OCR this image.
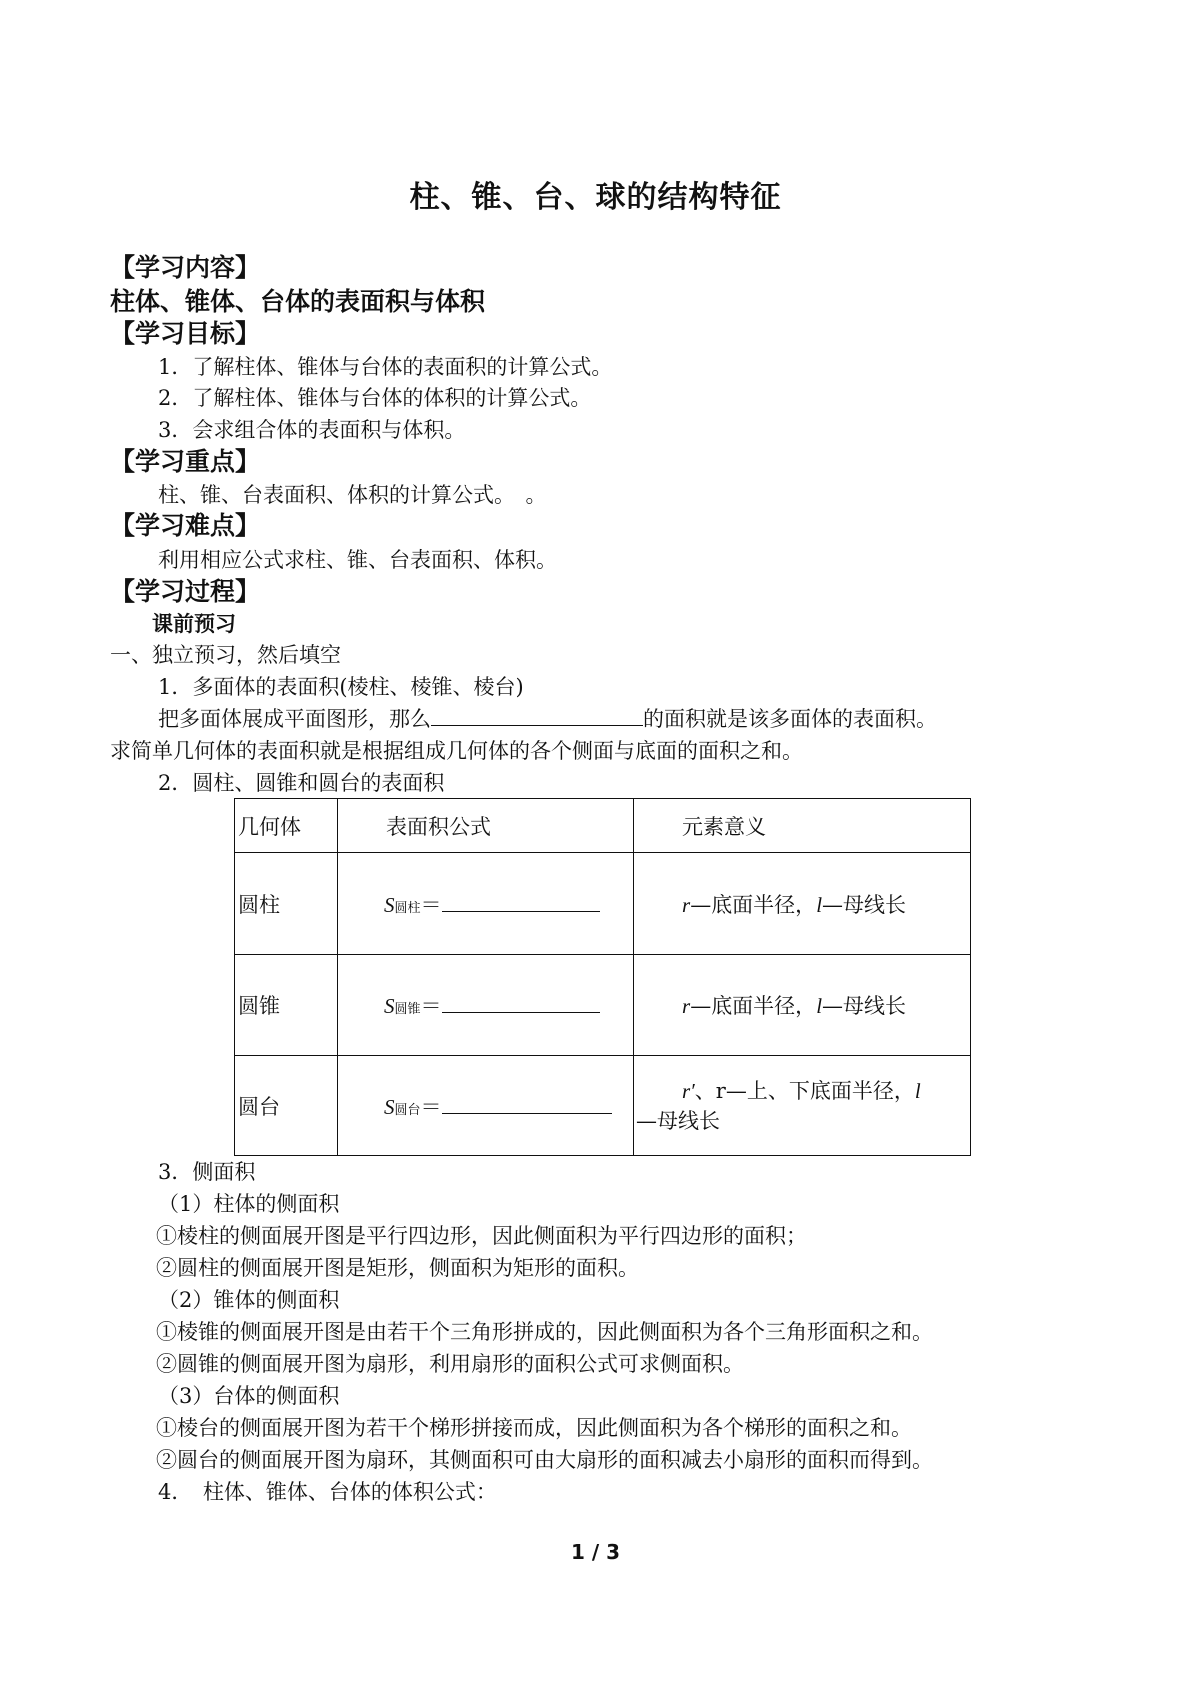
柱、锥、台、球的结构特征
【学习内容】
柱体、锥体、台体的表面积与体积
【学习目标】
1．了解柱体、锥体与台体的表面积的计算公式。
2．了解柱体、锥体与台体的体积的计算公式。
3．会求组合体的表面积与体积。
【学习重点】
柱、锥、台表面积、体积的计算公式。　。
【学习难点】
利用相应公式求柱、锥、台表面积、体积。
【学习过程】
课前预习
一、独立预习，然后填空
1．多面体的表面积(棱柱、棱锥、棱台)
把多面体展成平面图形，那么	的面积就是该多面体的表面积。
求简单几何体的表面积就是根据组成几何体的各个侧面与底面的面积之和。
2．圆柱、圆锥和圆台的表面积
几何体	表面积公式	元素意义
圆柱	S圆柱＝	r—底面半径，l—母线长
圆锥	S圆锥＝	r—底面半径，l—母线长
圆台	S圆台＝	r′、r—上、下底面半径，l
—母线长
3．侧面积
（1）柱体的侧面积
①棱柱的侧面展开图是平行四边形，因此侧面积为平行四边形的面积；
②圆柱的侧面展开图是矩形，侧面积为矩形的面积。
（2）锥体的侧面积
①棱锥的侧面展开图是由若干个三角形拼成的，因此侧面积为各个三角形面积之和。
②圆锥的侧面展开图为扇形，利用扇形的面积公式可求侧面积。
（3）台体的侧面积
①棱台的侧面展开图为若干个梯形拼接而成，因此侧面积为各个梯形的面积之和。
②圆台的侧面展开图为扇环，其侧面积可由大扇形的面积减去小扇形的面积而得到。
4．　柱体、锥体、台体的体积公式：
1 / 3
